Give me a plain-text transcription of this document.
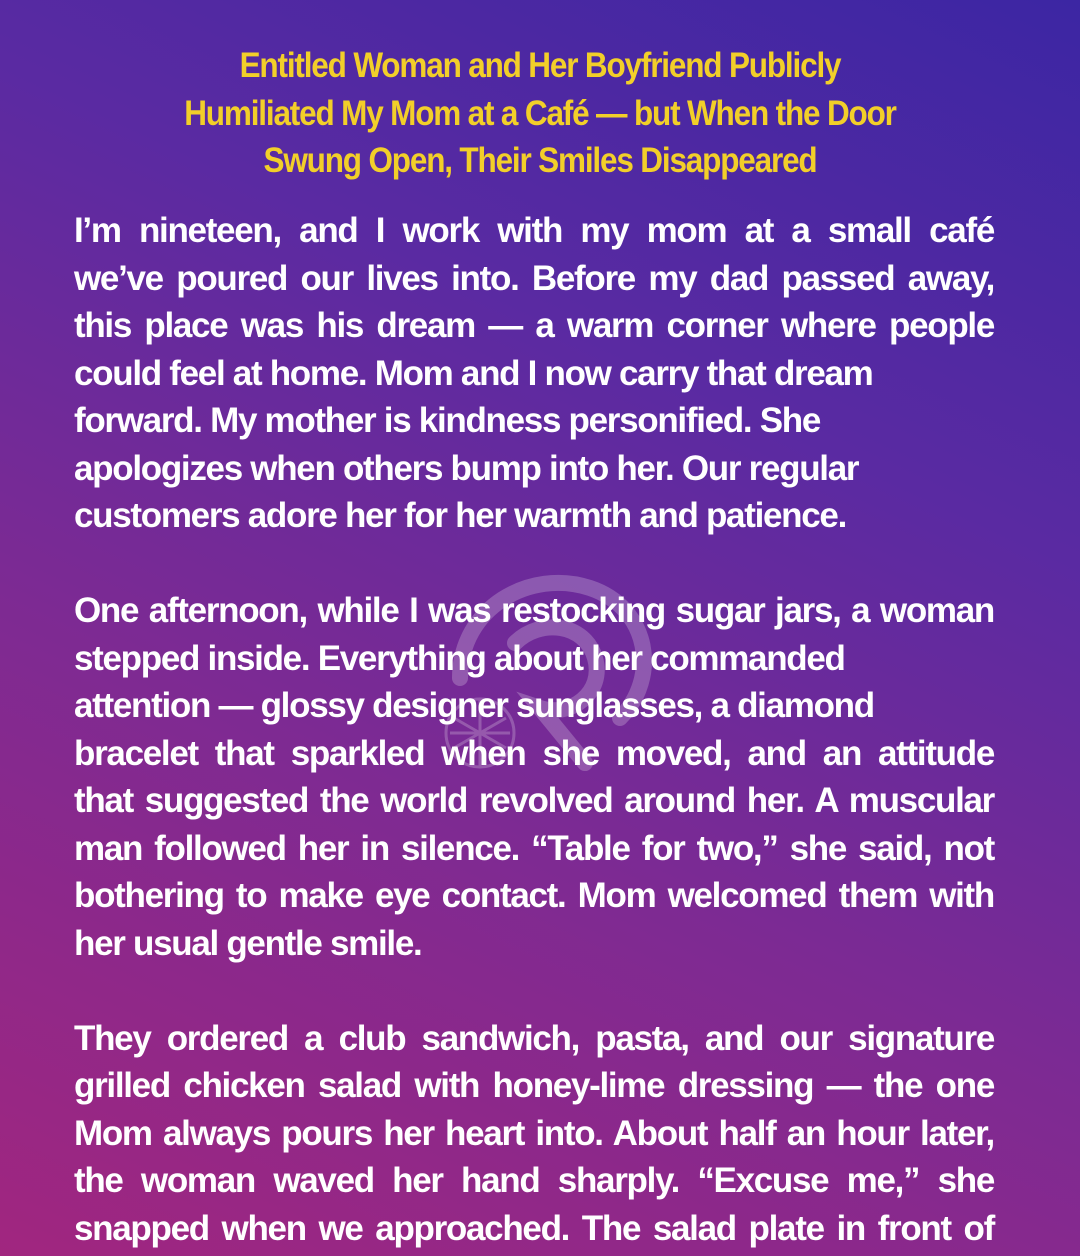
Entitled Woman and Her Boyfriend Publicly
Humiliated My Mom at a Café — but When the Door
Swung Open, Their Smiles Disappeared
I’m nineteen, and I work with my mom at a small café
we’ve poured our lives into. Before my dad passed away,
this place was his dream — a warm corner where people
could feel at home. Mom and I now carry that dream
forward. My mother is kindness personified. She
apologizes when others bump into her. Our regular
customers adore her for her warmth and patience.
One afternoon, while I was restocking sugar jars, a woman
stepped inside. Everything about her commanded
attention — glossy designer sunglasses, a diamond
bracelet that sparkled when she moved, and an attitude
that suggested the world revolved around her. A muscular
man followed her in silence. “Table for two,” she said, not
bothering to make eye contact. Mom welcomed them with
her usual gentle smile.
They ordered a club sandwich, pasta, and our signature
grilled chicken salad with honey-lime dressing — the one
Mom always pours her heart into. About half an hour later,
the woman waved her hand sharply. “Excuse me,” she
snapped when we approached. The salad plate in front of
